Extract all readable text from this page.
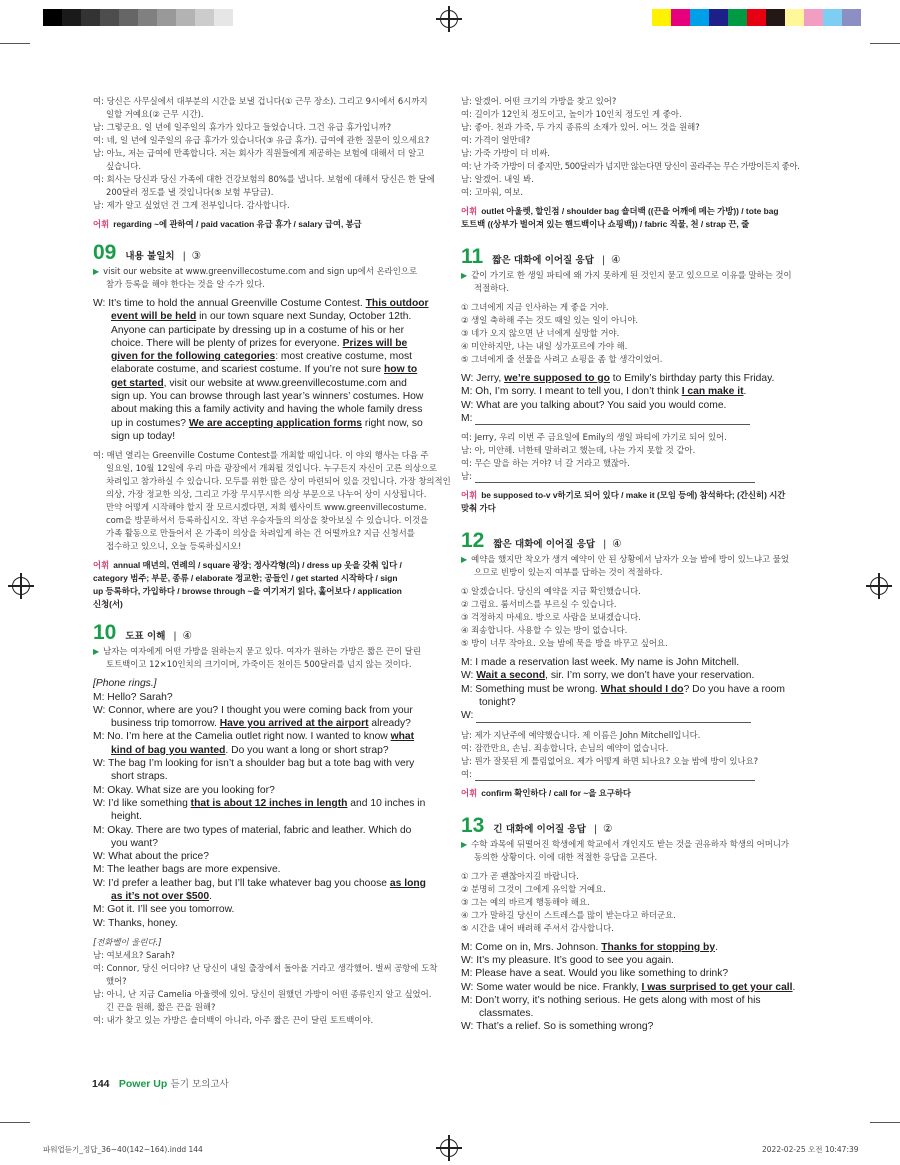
여: 당신은 사무실에서 대부분의 시간을 보낼 겁니다(① 근무 장소). 그리고 9시에서 6시까지
일할 거예요(② 근무 시간).
남: 그렇군요. 일 년에 일주일의 휴가가 있다고 들었습니다. 그건 유급 휴가입니까?
여: 네, 일 년에 일주일의 유급 휴가가 있습니다(③ 유급 휴가). 급여에 관한 질문이 있으세요?
남: 아뇨, 저는 급여에 만족합니다. 저는 회사가 직원들에게 제공하는 보험에 대해서 더 알고
싶습니다.
여: 회사는 당신과 당신 가족에 대한 건강보험의 80%를 냅니다. 보험에 대해서 당신은 한 달에
200달러 정도를 낼 것입니다(⑤ 보험 부담금).
남: 제가 알고 싶었던 건 그게 전부입니다. 감사합니다.
어휘 regarding ~에 관하여 / paid vacation 유급 휴가 / salary 급여, 봉급
09 내용 불일치 | ③
▶ visit our website at www.greenvillecostume.com and sign up에서 온라인으로
참가 등록을 해야 한다는 것을 알 수가 있다.
W: It’s time to hold the annual Greenville Costume Contest. This outdoor
event will be held in our town square next Sunday, October 12th.
Anyone can participate by dressing up in a costume of his or her
choice. There will be plenty of prizes for everyone. Prizes will be
given for the following categories: most creative costume, most
elaborate costume, and scariest costume. If you’re not sure how to
get started, visit our website at www.greenvillecostume.com and
sign up. You can browse through last year’s winners’ costumes. How
about making this a family activity and having the whole family dress
up in costumes? We are accepting application forms right now, so
sign up today!
여: 매년 열리는 Greenville Costume Contest를 개최할 때입니다. 이 야외 행사는 다음 주
일요일, 10월 12일에 우리 마을 광장에서 개최될 것입니다. 누구든지 자신이 고른 의상으로
차려입고 참가하실 수 있습니다. 모두를 위한 많은 상이 마련되어 있을 것입니다. 가장 창의적인
의상, 가장 정교한 의상, 그리고 가장 무시무시한 의상 부문으로 나누어 상이 시상됩니다.
만약 어떻게 시작해야 할지 잘 모르시겠다면, 저희 웹사이트 www.greenvillecostume.
com을 방문하셔서 등록하십시오. 작년 우승자들의 의상을 찾아보실 수 있습니다. 이것을
가족 활동으로 만들어서 온 가족이 의상을 차려입게 하는 건 어떨까요? 지금 신청서를
접수하고 있으니, 오늘 등록하십시오!
어휘 annual 매년의, 연례의 / square 광장; 정사각형(의) / dress up 옷을 갖춰 입다 /
category 범주; 부문, 종류 / elaborate 정교한; 공들인 / get started 시작하다 / sign
up 등록하다, 가입하다 / browse through ~을 여기저기 읽다, 훑어보다 / application
신청(서)
10 도표 이해 | ④
▶ 남자는 여자에게 어떤 가방을 원하는지 묻고 있다. 여자가 원하는 가방은 짧은 끈이 달린
토트백이고 12×10인치의 크기이며, 가죽이든 천이든 500달러를 넘지 않는 것이다.
[Phone rings.]
M: Hello? Sarah?
W: Connor, where are you? I thought you were coming back from your
business trip tomorrow. Have you arrived at the airport already?
M: No. I’m here at the Camelia outlet right now. I wanted to know what
kind of bag you wanted. Do you want a long or short strap?
W: The bag I’m looking for isn’t a shoulder bag but a tote bag with very
short straps.
M: Okay. What size are you looking for?
W: I’d like something that is about 12 inches in length and 10 inches in
height.
M: Okay. There are two types of material, fabric and leather. Which do
you want?
W: What about the price?
M: The leather bags are more expensive.
W: I’d prefer a leather bag, but I’ll take whatever bag you choose as long
as it’s not over $500.
M: Got it. I’ll see you tomorrow.
W: Thanks, honey.
[전화벨이 울린다.]
남: 여보세요? Sarah?
여: Connor, 당신 어디야? 난 당신이 내일 출장에서 돌아올 거라고 생각했어. 벌써 공항에 도착
했어?
남: 아니, 난 지금 Camelia 아울렛에 있어. 당신이 원했던 가방이 어떤 종류인지 알고 싶었어.
긴 끈을 원해, 짧은 끈을 원해?
여: 내가 찾고 있는 가방은 숄더백이 아니라, 아주 짧은 끈이 달린 토트백이야.
남: 알겠어. 어떤 크기의 가방을 찾고 있어?
여: 길이가 12인치 정도이고, 높이가 10인치 정도인 게 좋아.
남: 좋아. 천과 가죽, 두 가지 종류의 소재가 있어. 어느 것을 원해?
여: 가격이 얼만데?
남: 가죽 가방이 더 비싸.
여: 난 가죽 가방이 더 좋지만, 500달러가 넘지만 않는다면 당신이 골라주는 무슨 가방이든지 좋아.
남: 알겠어. 내일 봐.
여: 고마워, 여보.
어휘 outlet 아울렛, 할인점 / shoulder bag 숄더백 ((끈을 어깨에 메는 가방)) / tote bag
토트백 ((상부가 벌어져 있는 핸드백이나 쇼핑백)) / fabric 직물, 천 / strap 끈, 줄
11 짧은 대화에 이어질 응답 | ④
▶ 같이 가기로 한 생일 파티에 왜 가지 못하게 된 것인지 묻고 있으므로 이유를 말하는 것이
적절하다.
① 그녀에게 지금 인사하는 게 좋을 거야.
② 생일 축하해 주는 것도 때일 있는 일이 아니야.
③ 네가 오지 않으면 난 너에게 실망할 거야.
④ 미안하지만, 나는 내일 싱가포르에 가야 해.
⑤ 그녀에게 줄 선물을 사려고 쇼핑을 좀 할 생각이었어.
W: Jerry, we’re supposed to go to Emily’s birthday party this Friday.
M: Oh, I’m sorry. I meant to tell you, I don’t think I can make it.
W: What are you talking about? You said you would come.
M:
여: Jerry, 우리 이번 주 금요일에 Emily의 생일 파티에 가기로 되어 있어.
남: 아, 미안해. 너한테 말하려고 했는데, 나는 가지 못할 것 같아.
여: 무슨 말을 하는 거야? 너 갈 거라고 했잖아.
남:
어휘 be supposed to-v v하기로 되어 있다 / make it (모임 등에) 참석하다; (간신히) 시간
맞춰 가다
12 짧은 대화에 이어질 응답 | ④
▶ 예약을 했지만 착오가 생겨 예약이 안 된 상황에서 남자가 오늘 밤에 방이 있느냐고 물었
으므로 빈방이 있는지 여부를 답하는 것이 적절하다.
① 알겠습니다. 당신의 예약을 지금 확인했습니다.
② 그럼요. 룸서비스를 부르실 수 있습니다.
③ 걱정하지 마세요. 방으로 사람을 보내겠습니다.
④ 죄송합니다. 사용할 수 있는 방이 없습니다.
⑤ 방이 너무 작아요. 오늘 밤에 묵을 방을 바꾸고 싶어요.
M: I made a reservation last week. My name is John Mitchell.
W: Wait a second, sir. I’m sorry, we don’t have your reservation.
M: Something must be wrong. What should I do? Do you have a room
tonight?
W:
남: 제가 지난주에 예약했습니다. 제 이름은 John Mitchell입니다.
여: 잠깐만요, 손님. 죄송합니다, 손님의 예약이 없습니다.
남: 뭔가 잘못된 게 틀림없어요. 제가 어떻게 하면 되나요? 오늘 밤에 방이 있나요?
여:
어휘 confirm 확인하다 / call for ~을 요구하다
13 긴 대화에 이어질 응답 | ②
▶ 수학 과목에 뒤떨어진 학생에게 학교에서 개인지도 받는 것을 권유하자 학생의 어머니가
동의한 상황이다. 이에 대한 적절한 응답을 고른다.
① 그가 곧 괜찮아지길 바랍니다.
② 분명히 그것이 그에게 유익할 거예요.
③ 그는 예의 바르게 행동해야 해요.
④ 그가 말하길 당신이 스트레스를 많이 받는다고 하더군요.
⑤ 시간을 내어 배려해 주셔서 감사합니다.
M: Come on in, Mrs. Johnson. Thanks for stopping by.
W: It’s my pleasure. It’s good to see you again.
M: Please have a seat. Would you like something to drink?
W: Some water would be nice. Frankly, I was surprised to get your call.
M: Don’t worry, it’s nothing serious. He gets along with most of his
classmates.
W: That’s a relief. So is something wrong?
144 Power Up 듣기 모의고사
파워업듣기_정답_36~40(142~164).indd 144	2022-02-25 오전 10:47:39
